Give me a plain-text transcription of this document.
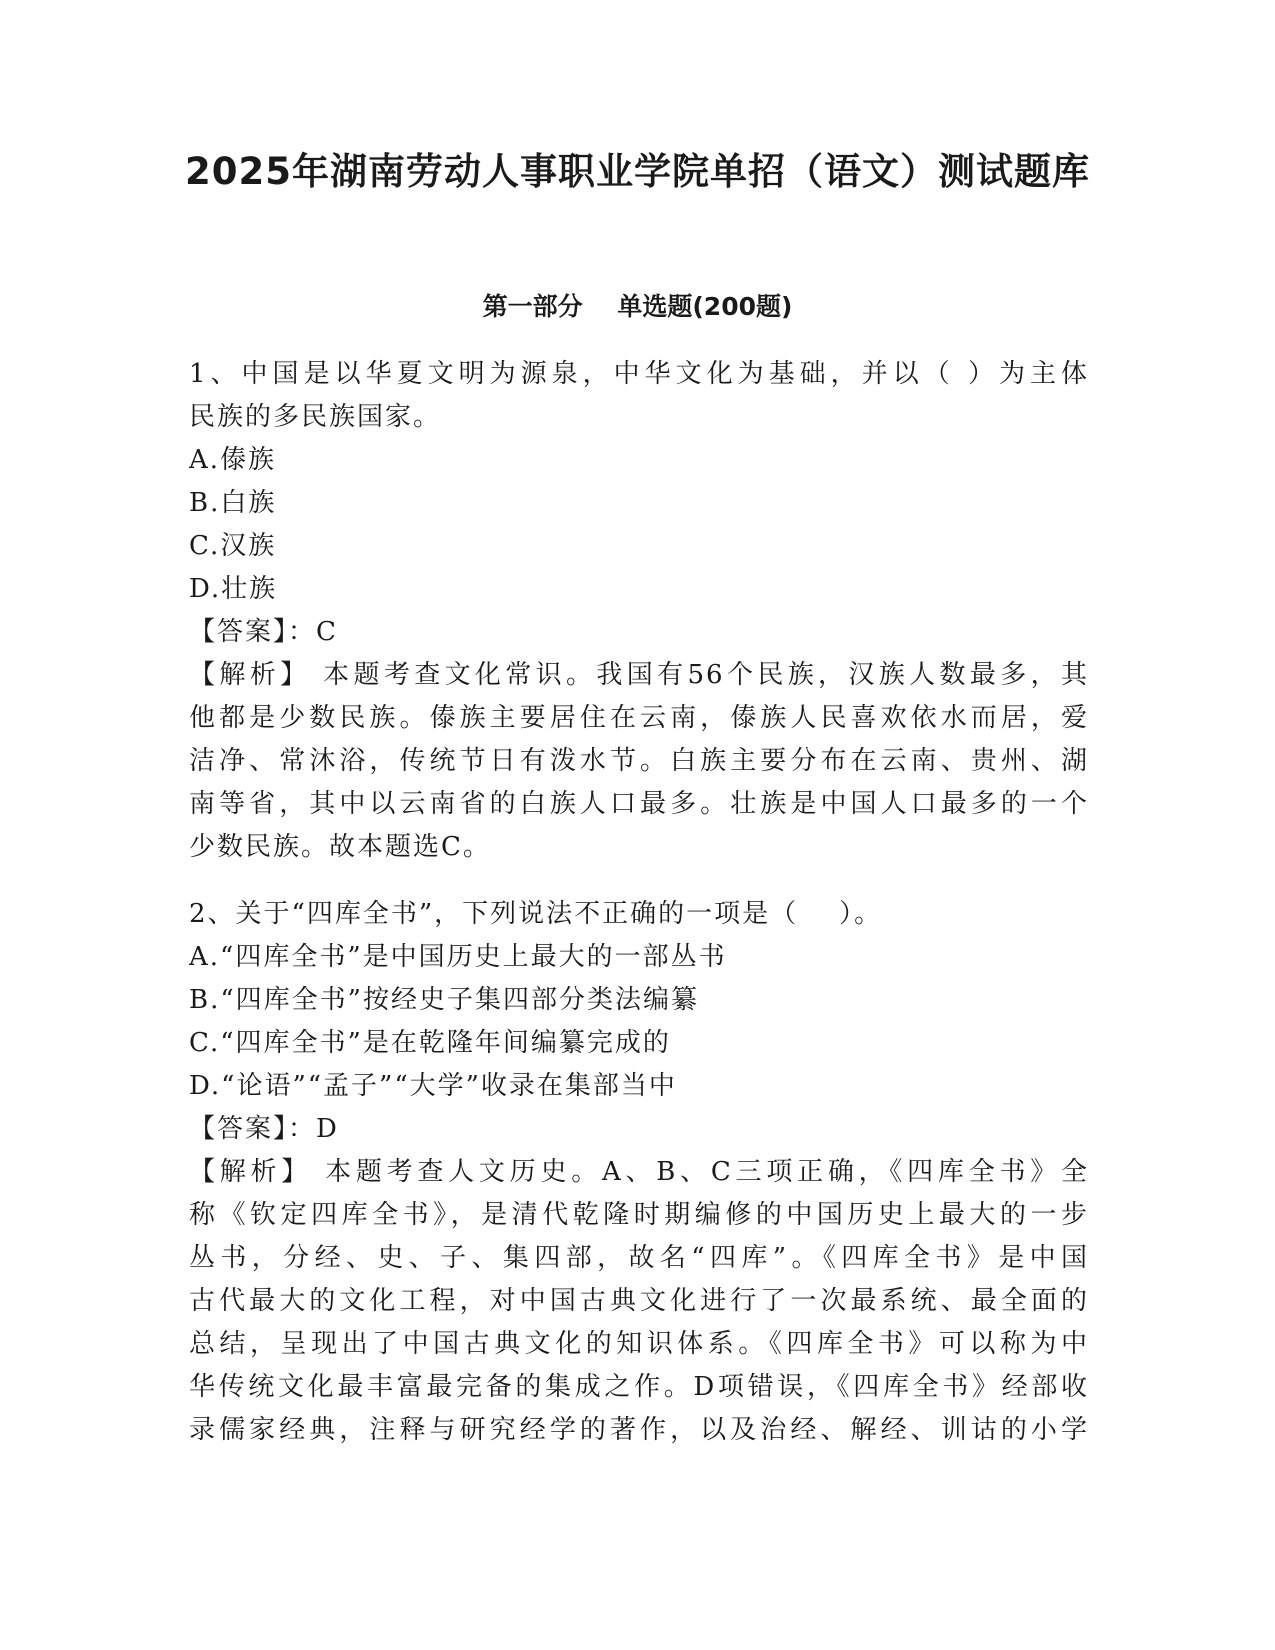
2025年湖南劳动人事职业学院单招（语文）测试题库
第一部分    单选题(200题)
1、中国是以华夏文明为源泉，中华文化为基础，并以（ ）为主体
民族的多民族国家。
A.傣族
B.白族
C.汉族
D.壮族
【答案】：C
【解析】 本题考查文化常识。我国有56个民族，汉族人数最多，其
他都是少数民族。傣族主要居住在云南，傣族人民喜欢依水而居，爱
洁净、常沐浴，传统节日有泼水节。白族主要分布在云南、贵州、湖
南等省，其中以云南省的白族人口最多。壮族是中国人口最多的一个
少数民族。故本题选C。
2、关于“四库全书”，下列说法不正确的一项是（    ）。
A.“四库全书”是中国历史上最大的一部丛书
B.“四库全书”按经史子集四部分类法编纂
C.“四库全书”是在乾隆年间编纂完成的
D.“论语”“孟子”“大学”收录在集部当中
【答案】：D
【解析】 本题考查人文历史。A、B、C三项正确，《四库全书》全
称《钦定四库全书》，是清代乾隆时期编修的中国历史上最大的一步
丛书，分经、史、子、集四部，故名“四库”。《四库全书》是中国
古代最大的文化工程，对中国古典文化进行了一次最系统、最全面的
总结，呈现出了中国古典文化的知识体系。《四库全书》可以称为中
华传统文化最丰富最完备的集成之作。D项错误，《四库全书》经部收
录儒家经典，注释与研究经学的著作，以及治经、解经、训诂的小学
